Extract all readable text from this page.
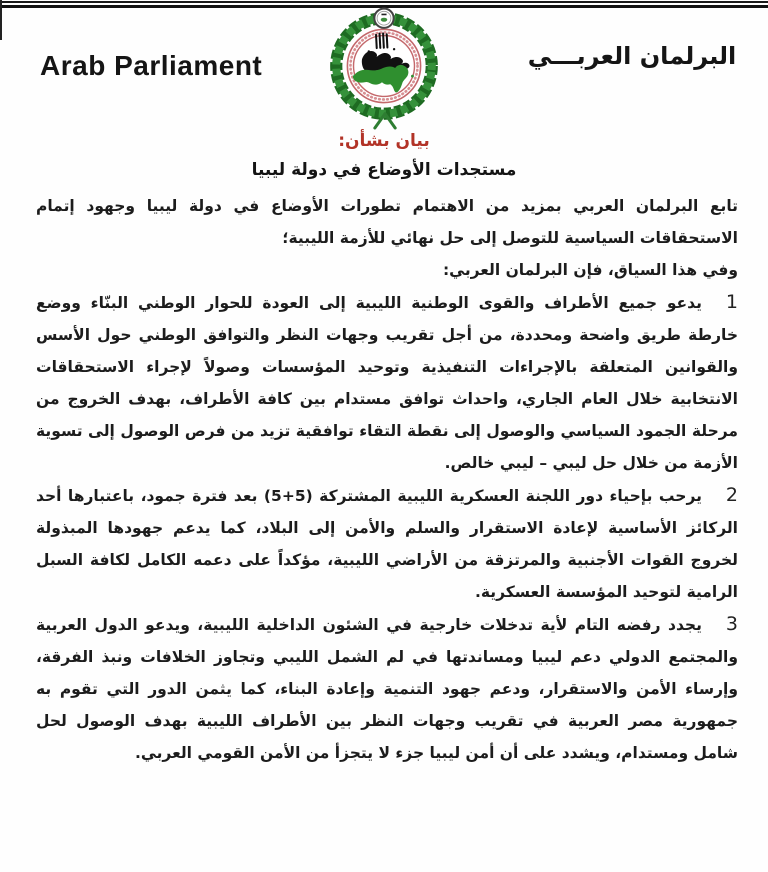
Arab Parliament	البرلمان العربـــي
بيان بشأن:
مستجدات الأوضاع في دولة ليبيا

تابع البرلمان العربي بمزيد من الاهتمام تطورات الأوضاع في دولة ليبيا وجهود إتمام الاستحقاقات السياسية للتوصل إلى حل نهائي للأزمة الليبية؛

وفي هذا السياق، فإن البرلمان العربي:

1يدعو جميع الأطراف والقوى الوطنية الليبية إلى العودة للحوار الوطني البنّاء ووضع خارطة طريق واضحة ومحددة، من أجل تقريب وجهات النظر والتوافق الوطني حول الأسس والقوانين المتعلقة بالإجراءات التنفيذية وتوحيد المؤسسات وصولاً لإجراء الاستحقاقات الانتخابية خلال العام الجاري، واحداث توافق مستدام بين كافة الأطراف، بهدف الخروج من مرحلة الجمود السياسي والوصول إلى نقطة التقاء توافقية تزيد من فرص الوصول إلى تسوية الأزمة من خلال حل ليبي – ليبي خالص.

2يرحب بإحياء دور اللجنة العسكرية الليبية المشتركة (5+5) بعد فترة جمود، باعتبارها أحد الركائز الأساسية لإعادة الاستقرار والسلم والأمن إلى البلاد، كما يدعم جهودها المبذولة لخروج القوات الأجنبية والمرتزقة من الأراضي الليبية، مؤكداً على دعمه الكامل لكافة السبل الرامية لتوحيد المؤسسة العسكرية.

3يجدد رفضه التام لأية تدخلات خارجية في الشئون الداخلية الليبية، ويدعو الدول العربية والمجتمع الدولي دعم ليبيا ومساندتها في لم الشمل الليبي وتجاوز الخلافات ونبذ الفرقة، وإرساء الأمن والاستقرار، ودعم جهود التنمية وإعادة البناء، كما يثمن الدور التي تقوم به جمهورية مصر العربية في تقريب وجهات النظر بين الأطراف الليبية بهدف الوصول لحل شامل ومستدام، ويشدد على أن أمن ليبيا جزء لا يتجزأ من الأمن القومي العربي.
